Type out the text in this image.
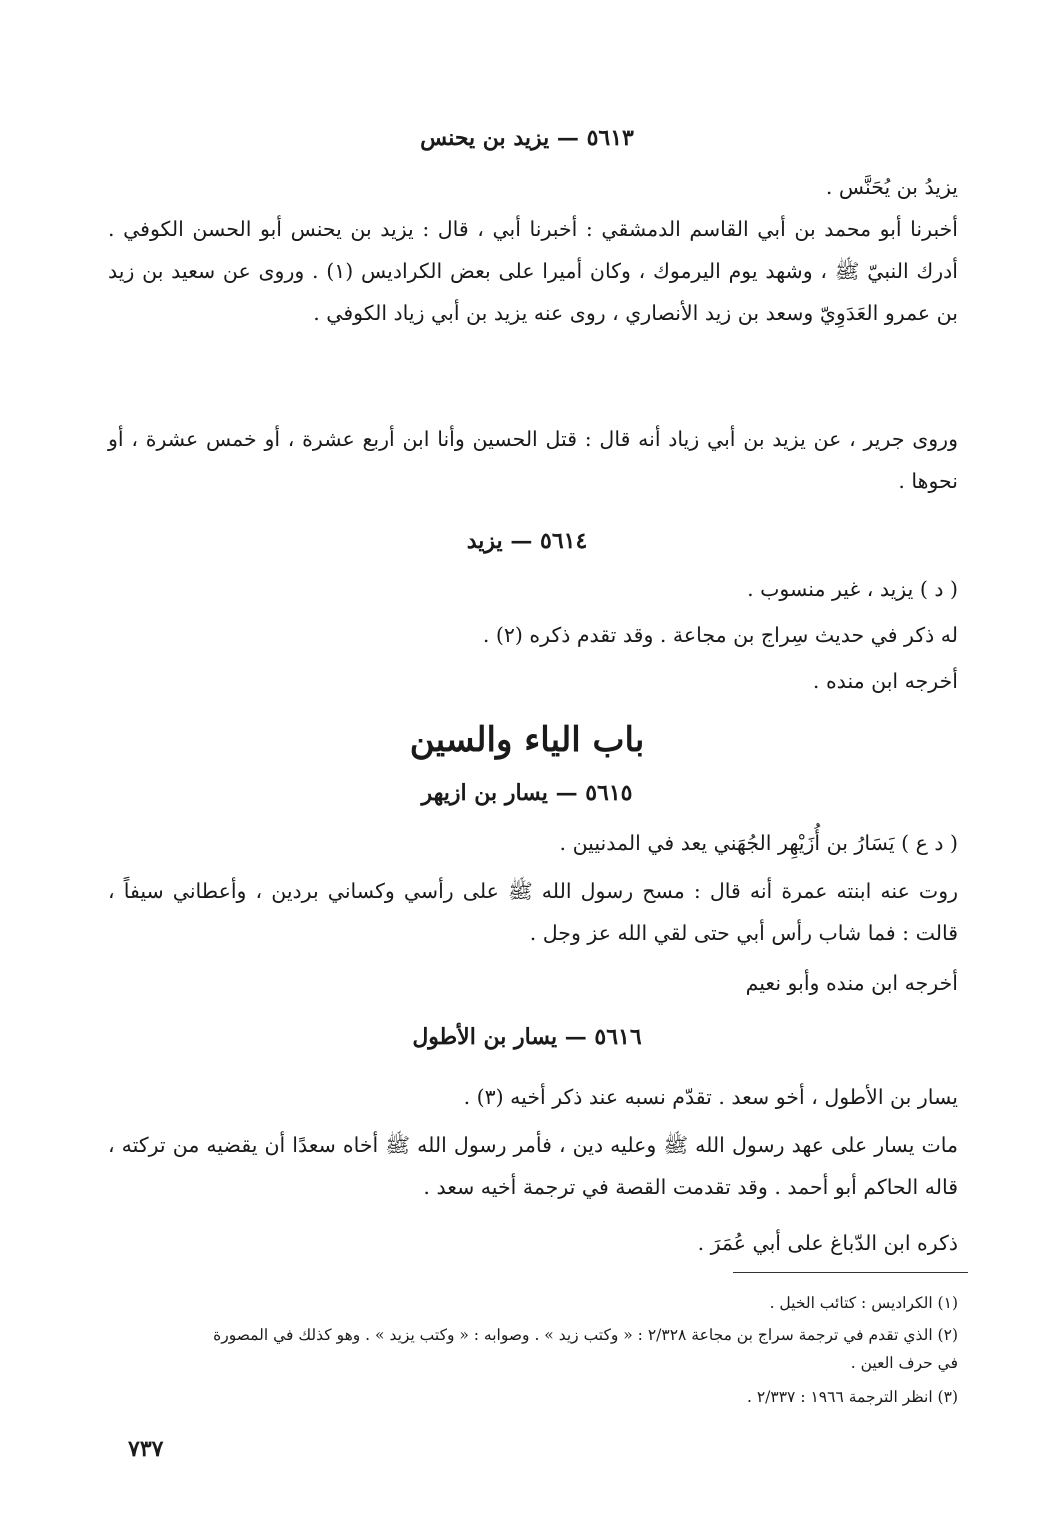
٥٦١٣ — يزيد بن يحنس
يزيدُ بن يُحَنَّس .
أخبرنا أبو محمد بن أبي القاسم الدمشقي : أخبرنا أبي ، قال : يزيد بن يحنس أبو الحسن الكوفي . أدرك النبيّ ﷺ ، وشهد يوم اليرموك ، وكان أميرا على بعض الكراديس (١) . وروى عن سعيد بن زيد بن عمرو العَدَوِيّ وسعد بن زيد الأنصاري ، روى عنه يزيد بن أبي زياد الكوفي .
وروى جرير ، عن يزيد بن أبي زياد أنه قال : قتل الحسين وأنا ابن أربع عشرة ، أو خمس عشرة ، أو نحوها .
٥٦١٤ — يزيد
( د ) يزيد ، غير منسوب .
له ذكر في حديث سِراج بن مجاعة . وقد تقدم ذكره (٢) .
أخرجه ابن منده .
باب الياء والسين
٥٦١٥ — يسار بن ازيهر
( د ع ) يَسَارُ بن أُزَيْهِر الجُهَني يعد في المدنيين .
روت عنه ابنته عمرة أنه قال : مسح رسول الله ﷺ على رأسي وكساني بردين ، وأعطاني سيفاً ، قالت : فما شاب رأس أبي حتى لقي الله عز وجل .
أخرجه ابن منده وأبو نعيم
٥٦١٦ — يسار بن الأطول
يسار بن الأطول ، أخو سعد . تقدّم نسبه عند ذكر أخيه (٣) .
مات يسار على عهد رسول الله ﷺ وعليه دين ، فأمر رسول الله ﷺ أخاه سعدًا أن يقضيه من تركته ، قاله الحاكم أبو أحمد . وقد تقدمت القصة في ترجمة أخيه سعد .
ذكره ابن الدّباغ على أبي عُمَرَ .
(١) الكراديس : كتائب الخيل .
(٢) الذي تقدم في ترجمة سراج بن مجاعة ٢/٣٢٨ : « وكتب زيد » . وصوابه : « وكتب يزيد » . وهو كذلك في المصورة
في حرف العين .
(٣) انظر الترجمة ١٩٦٦ : ٢/٣٣٧ .
٧٣٧
